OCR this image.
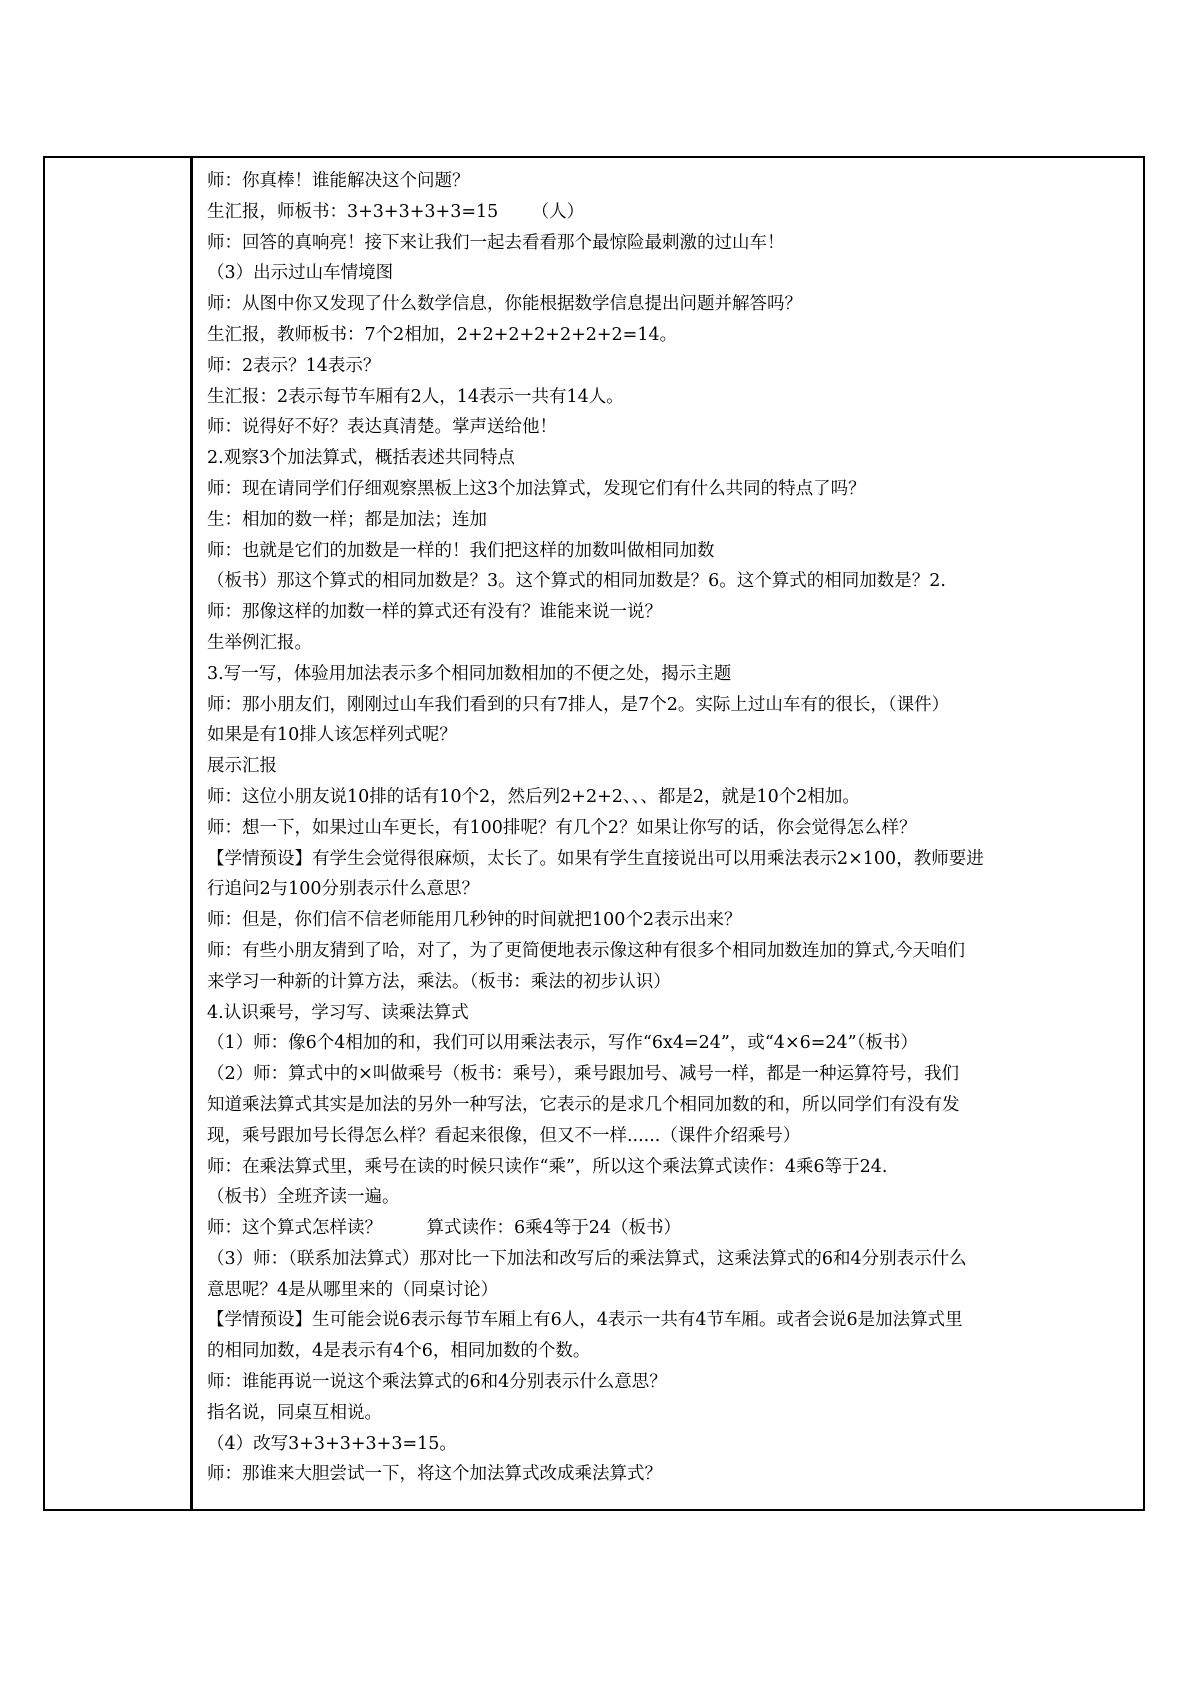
师：你真棒！谁能解决这个问题？
生汇报，师板书：3+3+3+3+3=15      （人）
师：回答的真响亮！接下来让我们一起去看看那个最惊险最刺激的过山车！
（3）出示过山车情境图
师：从图中你又发现了什么数学信息，你能根据数学信息提出问题并解答吗？
生汇报，教师板书：7个2相加，2+2+2+2+2+2+2=14。
师：2表示？14表示？
生汇报：2表示每节车厢有2人，14表示一共有14人。
师：说得好不好？表达真清楚。掌声送给他！
2.观察3个加法算式，概括表述共同特点
师：现在请同学们仔细观察黑板上这3个加法算式，发现它们有什么共同的特点了吗？
生：相加的数一样；都是加法；连加
师：也就是它们的加数是一样的！我们把这样的加数叫做相同加数
（板书）那这个算式的相同加数是？3。这个算式的相同加数是？6。这个算式的相同加数是？2.
师：那像这样的加数一样的算式还有没有？谁能来说一说？
生举例汇报。
3.写一写，体验用加法表示多个相同加数相加的不便之处，揭示主题
师：那小朋友们，刚刚过山车我们看到的只有7排人，是7个2。实际上过山车有的很长，（课件）
如果是有10排人该怎样列式呢？
展示汇报
师：这位小朋友说10排的话有10个2，然后列2+2+2、、、都是2，就是10个2相加。
师：想一下，如果过山车更长，有100排呢？有几个2？如果让你写的话，你会觉得怎么样？
【学情预设】有学生会觉得很麻烦，太长了。如果有学生直接说出可以用乘法表示2×100，教师要进
行追问2与100分别表示什么意思？
师：但是，你们信不信老师能用几秒钟的时间就把100个2表示出来？
师：有些小朋友猜到了哈，对了，为了更简便地表示像这种有很多个相同加数连加的算式,今天咱们
来学习一种新的计算方法，乘法。（板书：乘法的初步认识）
4.认识乘号，学习写、读乘法算式
（1）师：像6个4相加的和，我们可以用乘法表示，写作“6x4=24”，或“4×6=24”（板书）
（2）师：算式中的×叫做乘号（板书：乘号），乘号跟加号、减号一样，都是一种运算符号，我们
知道乘法算式其实是加法的另外一种写法，它表示的是求几个相同加数的和，所以同学们有没有发
现，乘号跟加号长得怎么样？看起来很像，但又不一样......（课件介绍乘号）
师：在乘法算式里，乘号在读的时候只读作“乘”，所以这个乘法算式读作：4乘6等于24.
（板书）全班齐读一遍。
师：这个算式怎样读？        算式读作：6乘4等于24（板书）
（3）师：（联系加法算式）那对比一下加法和改写后的乘法算式，这乘法算式的6和4分别表示什么
意思呢？4是从哪里来的（同桌讨论）
【学情预设】生可能会说6表示每节车厢上有6人，4表示一共有4节车厢。或者会说6是加法算式里
的相同加数，4是表示有4个6，相同加数的个数。
师：谁能再说一说这个乘法算式的6和4分别表示什么意思？
指名说，同桌互相说。
（4）改写3+3+3+3+3=15。
师：那谁来大胆尝试一下，将这个加法算式改成乘法算式？
